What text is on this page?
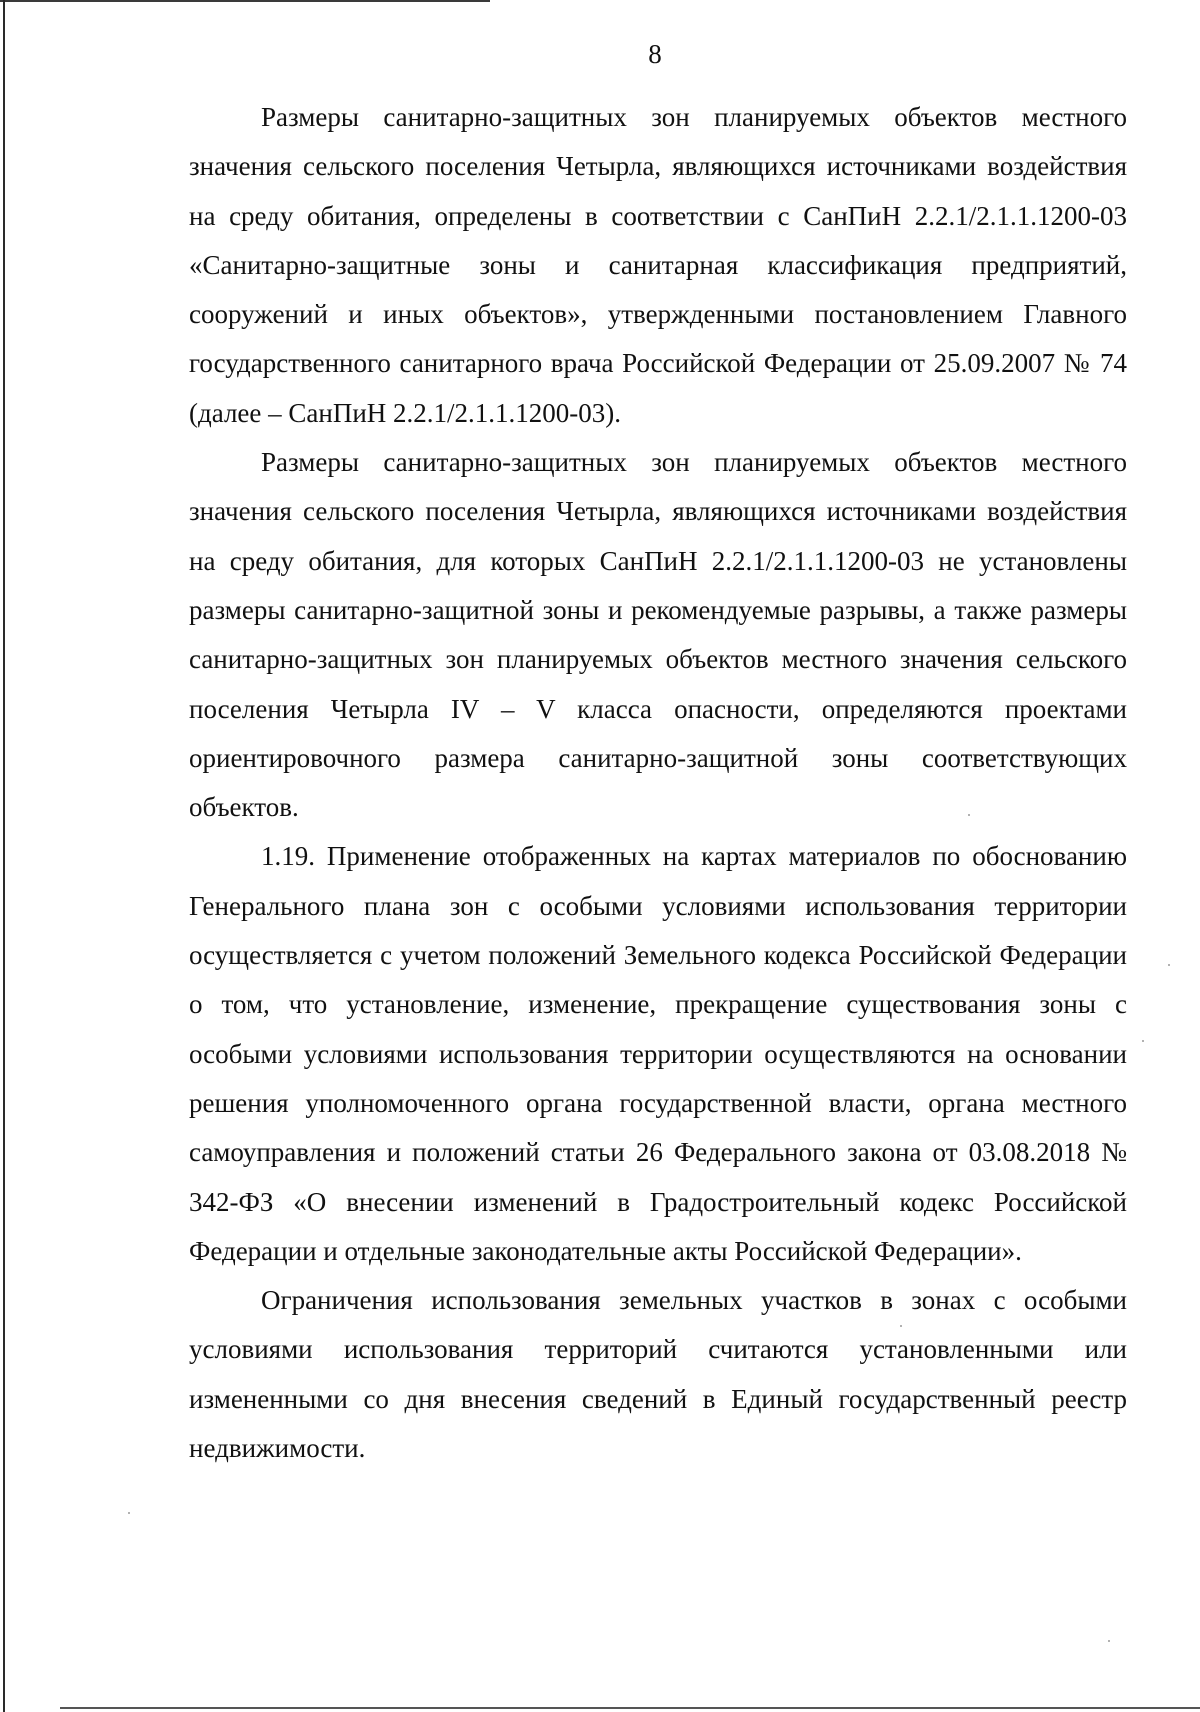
8

Размеры санитарно-защитных зон планируемых объектов местного значения сельского поселения Четырла, являющихся источниками воздействия на среду обитания, определены в соответствии с СанПиН 2.2.1/2.1.1.1200-03 «Санитарно-защитные зоны и санитарная классификация предприятий, сооружений и иных объектов», утвержденными постановлением Главного государственного санитарного врача Российской Федерации от 25.09.2007 № 74 (далее – СанПиН 2.2.1/2.1.1.1200-03).

Размеры санитарно-защитных зон планируемых объектов местного значения сельского поселения Четырла, являющихся источниками воздействия на среду обитания, для которых СанПиН 2.2.1/2.1.1.1200-03 не установлены размеры санитарно-защитной зоны и рекомендуемые разрывы, а также размеры санитарно-защитных зон планируемых объектов местного значения сельского поселения Четырла IV – V класса опасности, определяются проектами ориентировочного размера санитарно-защитной зоны соответствующих объектов.

1.19. Применение отображенных на картах материалов по обоснованию Генерального плана зон с особыми условиями использования территории осуществляется с учетом положений Земельного кодекса Российской Федерации о том, что установление, изменение, прекращение существования зоны с особыми условиями использования территории осуществляются на основании решения уполномоченного органа государственной власти, органа местного самоуправления и положений статьи 26 Федерального закона от 03.08.2018 № 342-ФЗ «О внесении изменений в Градостроительный кодекс Российской Федерации и отдельные законодательные акты Российской Федерации».

Ограничения использования земельных участков в зонах с особыми условиями использования территорий считаются установленными или измененными со дня внесения сведений в Единый государственный реестр недвижимости.
